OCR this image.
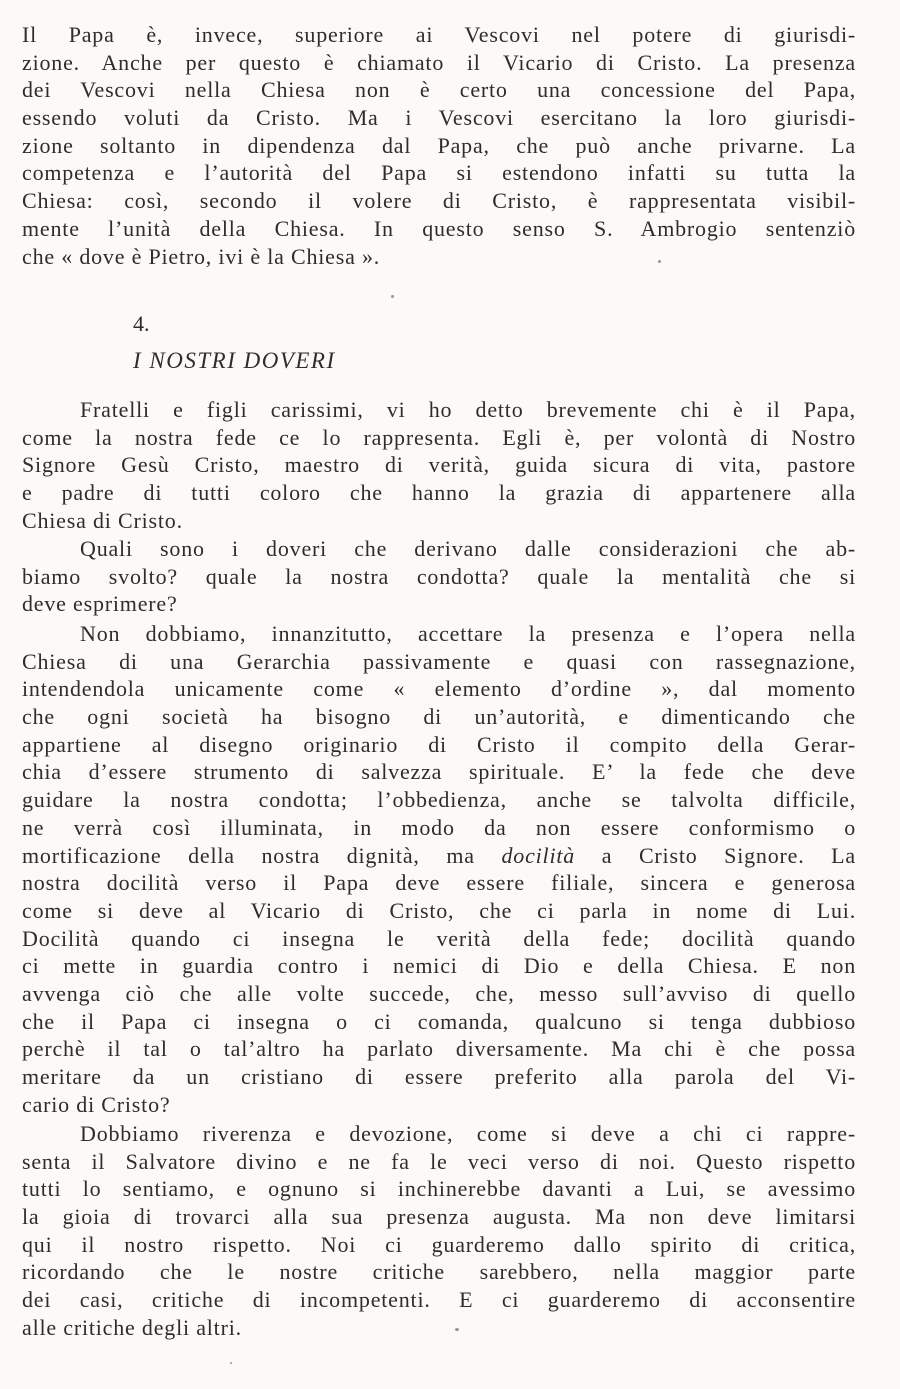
Il Papa è, invece, superiore ai Vescovi nel potere di giurisdi-
zione. Anche per questo è chiamato il Vicario di Cristo. La presenza
dei Vescovi nella Chiesa non è certo una concessione del Papa,
essendo voluti da Cristo. Ma i Vescovi esercitano la loro giurisdi-
zione soltanto in dipendenza dal Papa, che può anche privarne. La
competenza e l’autorità del Papa si estendono infatti su tutta la
Chiesa: così, secondo il volere di Cristo, è rappresentata visibil-
mente l’unità della Chiesa. In questo senso S. Ambrogio sentenziò
che « dove è Pietro, ivi è la Chiesa ».
4.
I NOSTRI DOVERI
Fratelli e figli carissimi, vi ho detto brevemente chi è il Papa,
come la nostra fede ce lo rappresenta. Egli è, per volontà di Nostro
Signore Gesù Cristo, maestro di verità, guida sicura di vita, pastore
e padre di tutti coloro che hanno la grazia di appartenere alla
Chiesa di Cristo.
Quali sono i doveri che derivano dalle considerazioni che ab-
biamo svolto? quale la nostra condotta? quale la mentalità che si
deve esprimere?
Non dobbiamo, innanzitutto, accettare la presenza e l’opera nella
Chiesa di una Gerarchia passivamente e quasi con rassegnazione,
intendendola unicamente come « elemento d’ordine », dal momento
che ogni società ha bisogno di un’autorità, e dimenticando che
appartiene al disegno originario di Cristo il compito della Gerar-
chia d’essere strumento di salvezza spirituale. E’ la fede che deve
guidare la nostra condotta; l’obbedienza, anche se talvolta difficile,
ne verrà così illuminata, in modo da non essere conformismo o
mortificazione della nostra dignità, ma docilità a Cristo Signore. La
nostra docilità verso il Papa deve essere filiale, sincera e generosa
come si deve al Vicario di Cristo, che ci parla in nome di Lui.
Docilità quando ci insegna le verità della fede; docilità quando
ci mette in guardia contro i nemici di Dio e della Chiesa. E non
avvenga ciò che alle volte succede, che, messo sull’avviso di quello
che il Papa ci insegna o ci comanda, qualcuno si tenga dubbioso
perchè il tal o tal’altro ha parlato diversamente. Ma chi è che possa
meritare da un cristiano di essere preferito alla parola del Vi-
cario di Cristo?
Dobbiamo riverenza e devozione, come si deve a chi ci rappre-
senta il Salvatore divino e ne fa le veci verso di noi. Questo rispetto
tutti lo sentiamo, e ognuno si inchinerebbe davanti a Lui, se avessimo
la gioia di trovarci alla sua presenza augusta. Ma non deve limitarsi
qui il nostro rispetto. Noi ci guarderemo dallo spirito di critica,
ricordando che le nostre critiche sarebbero, nella maggior parte
dei casi, critiche di incompetenti. E ci guarderemo di acconsentire
alle critiche degli altri.
